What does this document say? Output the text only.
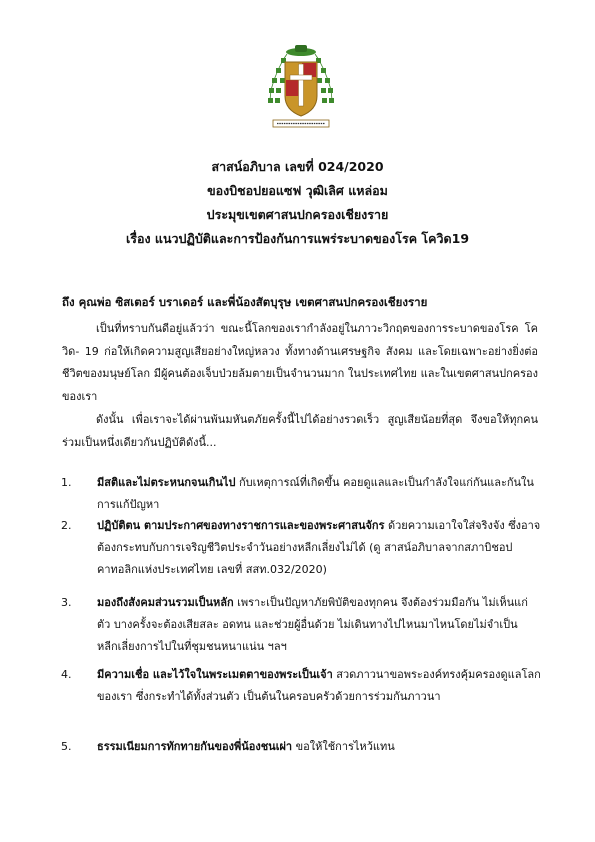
สาสน์อภิบาล เลขที่ 024/2020
ของบิชอปยอแซฟ วุฒิเลิศ แหล่อม
ประมุขเขตศาสนปกครองเชียงราย
เรื่อง แนวปฏิบัติและการป้องกันการแพร่ระบาดของโรค โควิด19
ถึง คุณพ่อ ซิสเตอร์ บราเดอร์ และพี่น้องสัตบุรุษ เขตศาสนปกครองเชียงราย
เป็นที่ทราบกันดีอยู่แล้วว่า ขณะนี้โลกของเรากำลังอยู่ในภาวะวิกฤตของการระบาดของโรค โควิด- 19 ก่อให้เกิดความสูญเสียอย่างใหญ่หลวง ทั้งทางด้านเศรษฐกิจ สังคม และโดยเฉพาะอย่างยิ่งต่อชีวิตของมนุษย์โลก มีผู้คนต้องเจ็บป่วยล้มตายเป็นจำนวนมาก ในประเทศไทย และในเขตศาสนปกครองของเรา
ดังนั้น เพื่อเราจะได้ผ่านพ้นมหันตภัยครั้งนี้ไปได้อย่างรวดเร็ว สูญเสียน้อยที่สุด จึงขอให้ทุกคนร่วมเป็นหนึ่งเดียวกันปฏิบัติดังนี้...
1. มีสติและไม่ตระหนกจนเกินไป กับเหตุการณ์ที่เกิดขึ้น คอยดูแลและเป็นกำลังใจแก่กันและกันในการแก้ปัญหา
2. ปฏิบัติตน ตามประกาศของทางราชการและของพระศาสนจักร ด้วยความเอาใจใส่จริงจัง ซึ่งอาจต้องกระทบกับการเจริญชีวิตประจำวันอย่างหลีกเลี่ยงไม่ได้ (ดู สาสน์อภิบาลจากสภาบิชอปคาทอลิกแห่งประเทศไทย เลขที่ สสท.032/2020)
3. มองถึงสังคมส่วนรวมเป็นหลัก เพราะเป็นปัญหาภัยพิบัติของทุกคน จึงต้องร่วมมือกัน ไม่เห็นแก่ตัว บางครั้งจะต้องเสียสละ อดทน และช่วยผู้อื่นด้วย ไม่เดินทางไปไหนมาไหนโดยไม่จำเป็น หลีกเลี่ยงการไปในที่ชุมชนหนาแน่น ฯลฯ
4. มีความเชื่อ และไว้ใจในพระเมตตาของพระเป็นเจ้า สวดภาวนาขอพระองค์ทรงคุ้มครองดูแลโลกของเรา ซึ่งกระทำได้ทั้งส่วนตัว เป็นต้นในครอบครัวด้วยการร่วมกันภาวนา
5. ธรรมเนียมการทักทายกันของพี่น้องชนเผ่า ขอให้ใช้การไหว้แทน
